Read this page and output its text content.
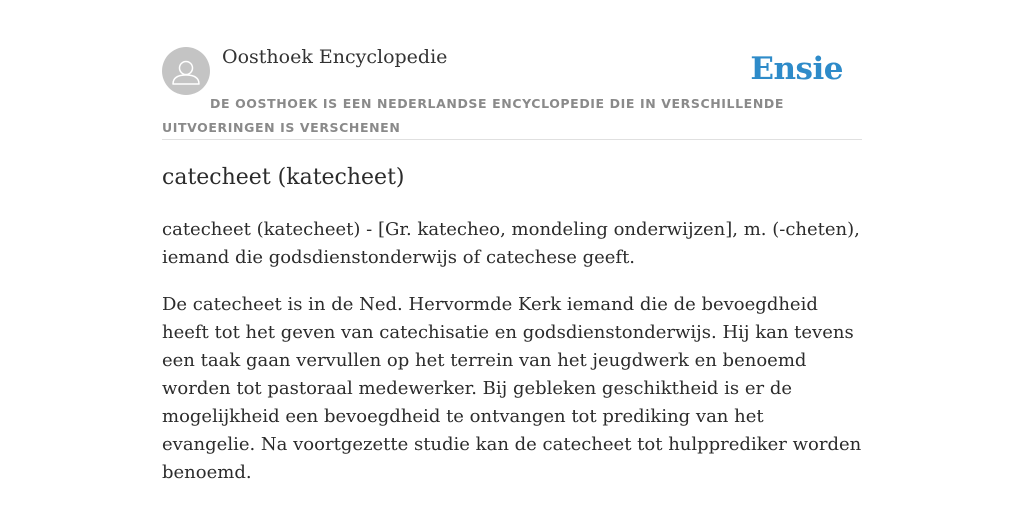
Oosthoek Encyclopedie	Ensie
DE OOSTHOEK IS EEN NEDERLANDSE ENCYCLOPEDIE DIE IN VERSCHILLENDE UITVOERINGEN IS VERSCHENEN
catecheet (katecheet)

catecheet (katecheet) - [Gr. katecheo, mondeling onderwijzen], m. (-cheten), iemand die godsdienstonderwijs of catechese geeft.

De catecheet is in de Ned. Hervormde Kerk iemand die de bevoegdheid heeft tot het geven van catechisatie en godsdienstonderwijs. Hij kan tevens een taak gaan vervullen op het terrein van het jeugdwerk en benoemd worden tot pastoraal medewerker. Bij gebleken geschiktheid is er de mogelijkheid een bevoegdheid te ontvangen tot prediking van het evangelie. Na voortgezette studie kan de catecheet tot hulpprediker worden benoemd.
